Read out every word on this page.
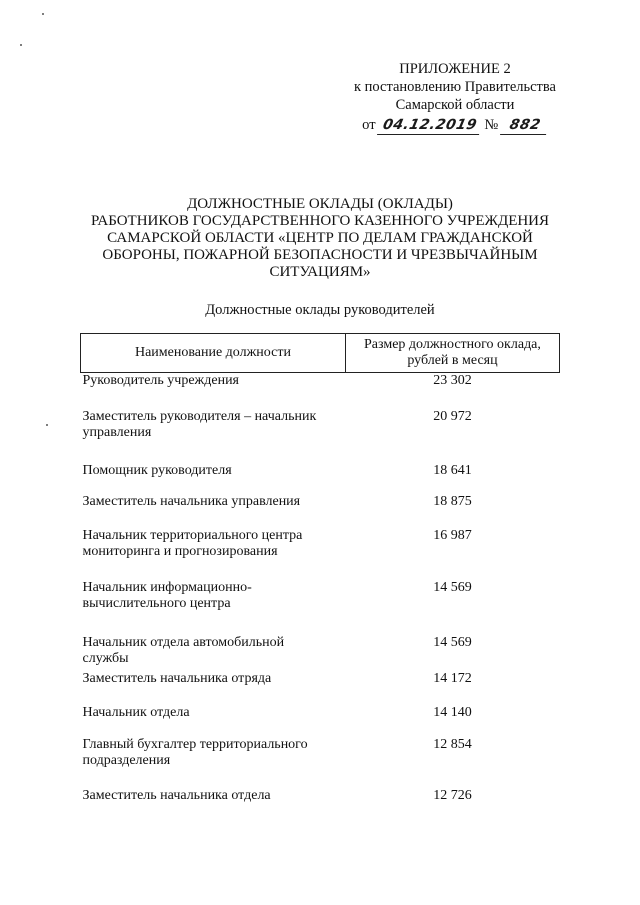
ПРИЛОЖЕНИЕ 2
к постановлению Правительства
Самарской области
от 04.12.2019 № 882
ДОЛЖНОСТНЫЕ ОКЛАДЫ (ОКЛАДЫ)
РАБОТНИКОВ ГОСУДАРСТВЕННОГО КАЗЕННОГО УЧРЕЖДЕНИЯ
САМАРСКОЙ ОБЛАСТИ «ЦЕНТР ПО ДЕЛАМ ГРАЖДАНСКОЙ
ОБОРОНЫ, ПОЖАРНОЙ БЕЗОПАСНОСТИ И ЧРЕЗВЫЧАЙНЫМ
СИТУАЦИЯМ»
Должностные оклады руководителей
Наименование должности	Размер должностного оклада,
рублей в месяц
Руководитель учреждения	23 302
Заместитель руководителя – начальник
управления	20 972
Помощник руководителя	18 641
Заместитель начальника управления	18 875
Начальник территориального центра
мониторинга и прогнозирования	16 987
Начальник информационно-
вычислительного центра	14 569
Начальник отдела автомобильной
службы	14 569
Заместитель начальника отряда	14 172
Начальник отдела	14 140
Главный бухгалтер территориального
подразделения	12 854
Заместитель начальника отдела	12 726
